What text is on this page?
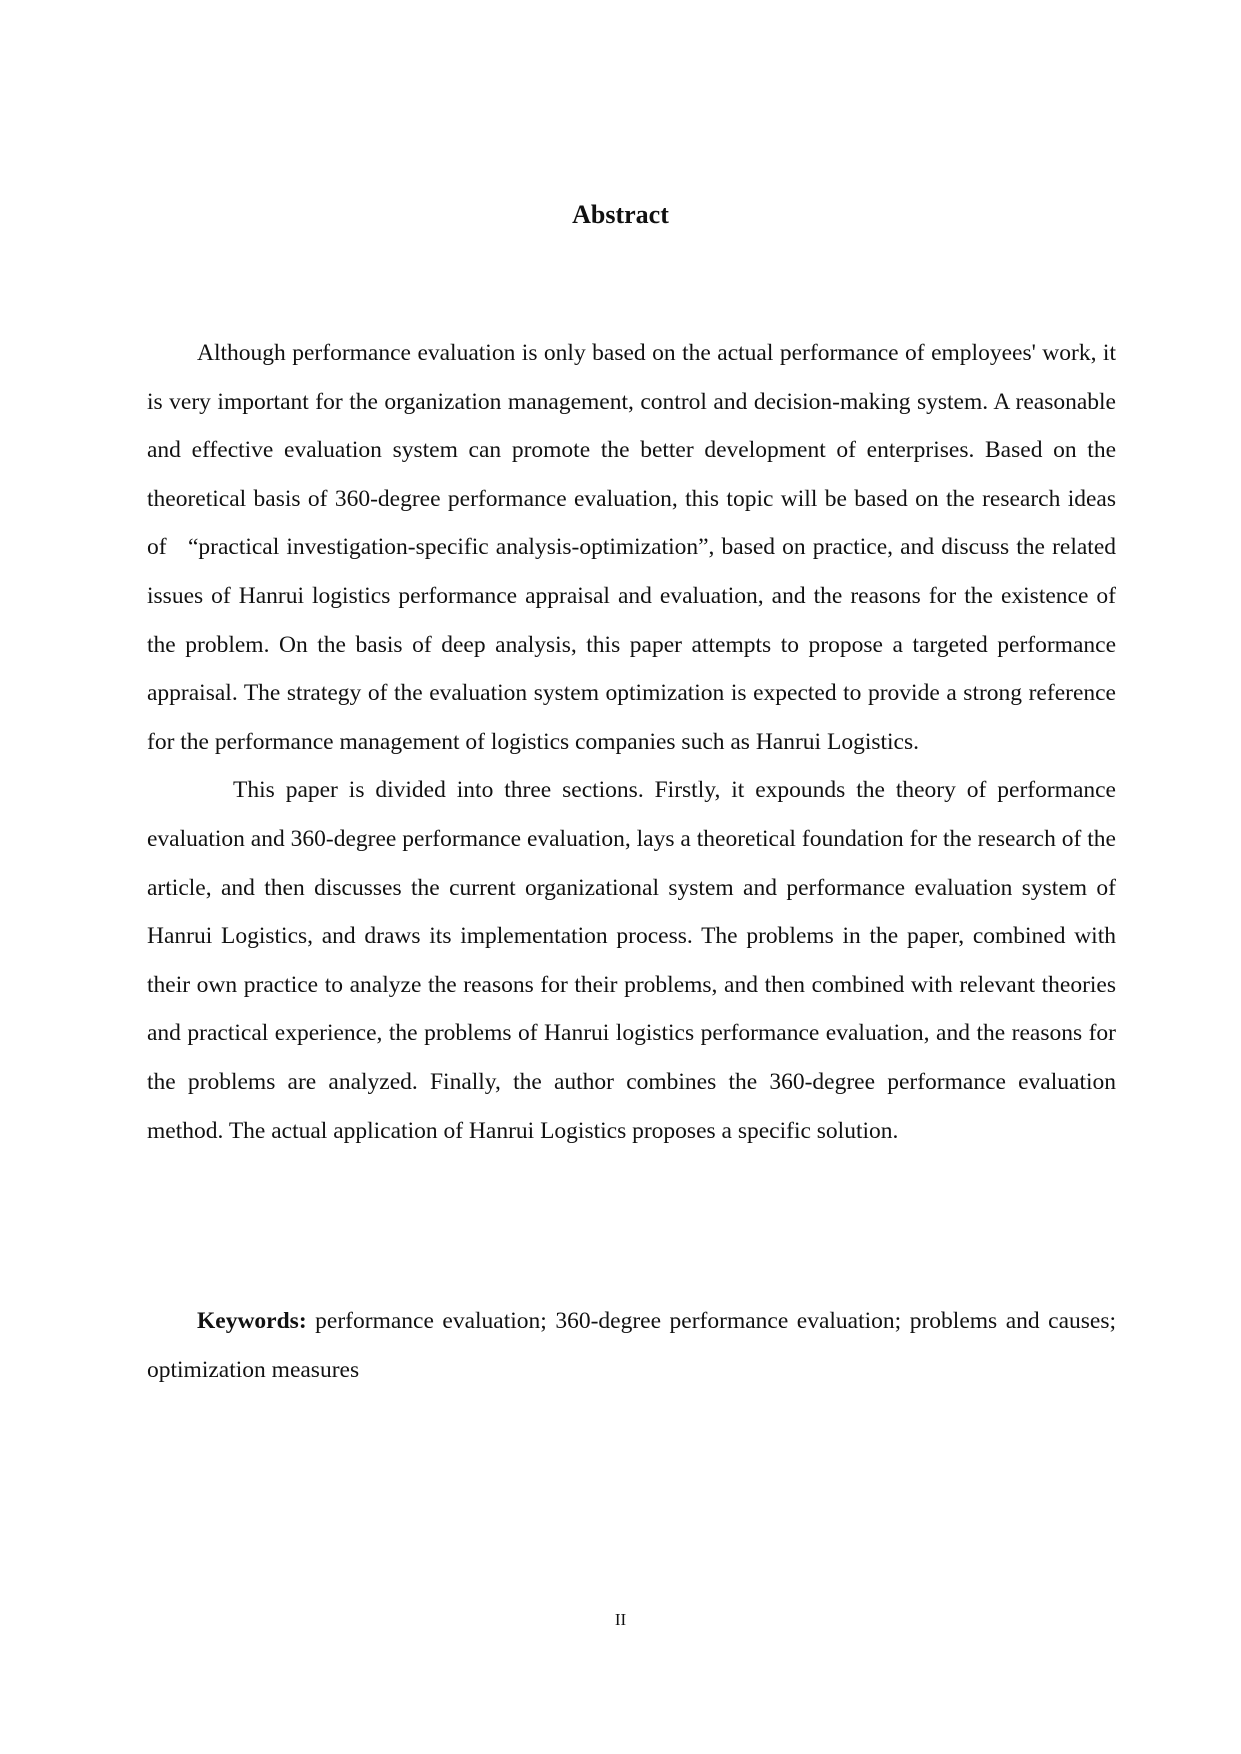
Abstract

Although performance evaluation is only based on the actual performance of employees' work, it is very important for the organization management, control and decision-making system. A reasonable and effective evaluation system can promote the better development of enterprises. Based on the theoretical basis of 360-degree performance evaluation, this topic will be based on the research ideas of   “practical investigation-specific analysis-optimization”, based on practice, and discuss the related issues of Hanrui logistics performance appraisal and evaluation, and the reasons for the existence of the problem. On the basis of deep analysis, this paper attempts to propose a targeted performance appraisal. The strategy of the evaluation system optimization is expected to provide a strong reference for the performance management of logistics companies such as Hanrui Logistics.

This paper is divided into three sections. Firstly, it expounds the theory of performance evaluation and 360-degree performance evaluation, lays a theoretical foundation for the research of the article, and then discusses the current organizational system and performance evaluation system of Hanrui Logistics, and draws its implementation process. The problems in the paper, combined with their own practice to analyze the reasons for their problems, and then combined with relevant theories and practical experience, the problems of Hanrui logistics performance evaluation, and the reasons for the problems are analyzed. Finally, the author combines the 360-degree performance evaluation method. The actual application of Hanrui Logistics proposes a specific solution.

Keywords: performance evaluation; 360-degree performance evaluation; problems and causes; optimization measures

II
